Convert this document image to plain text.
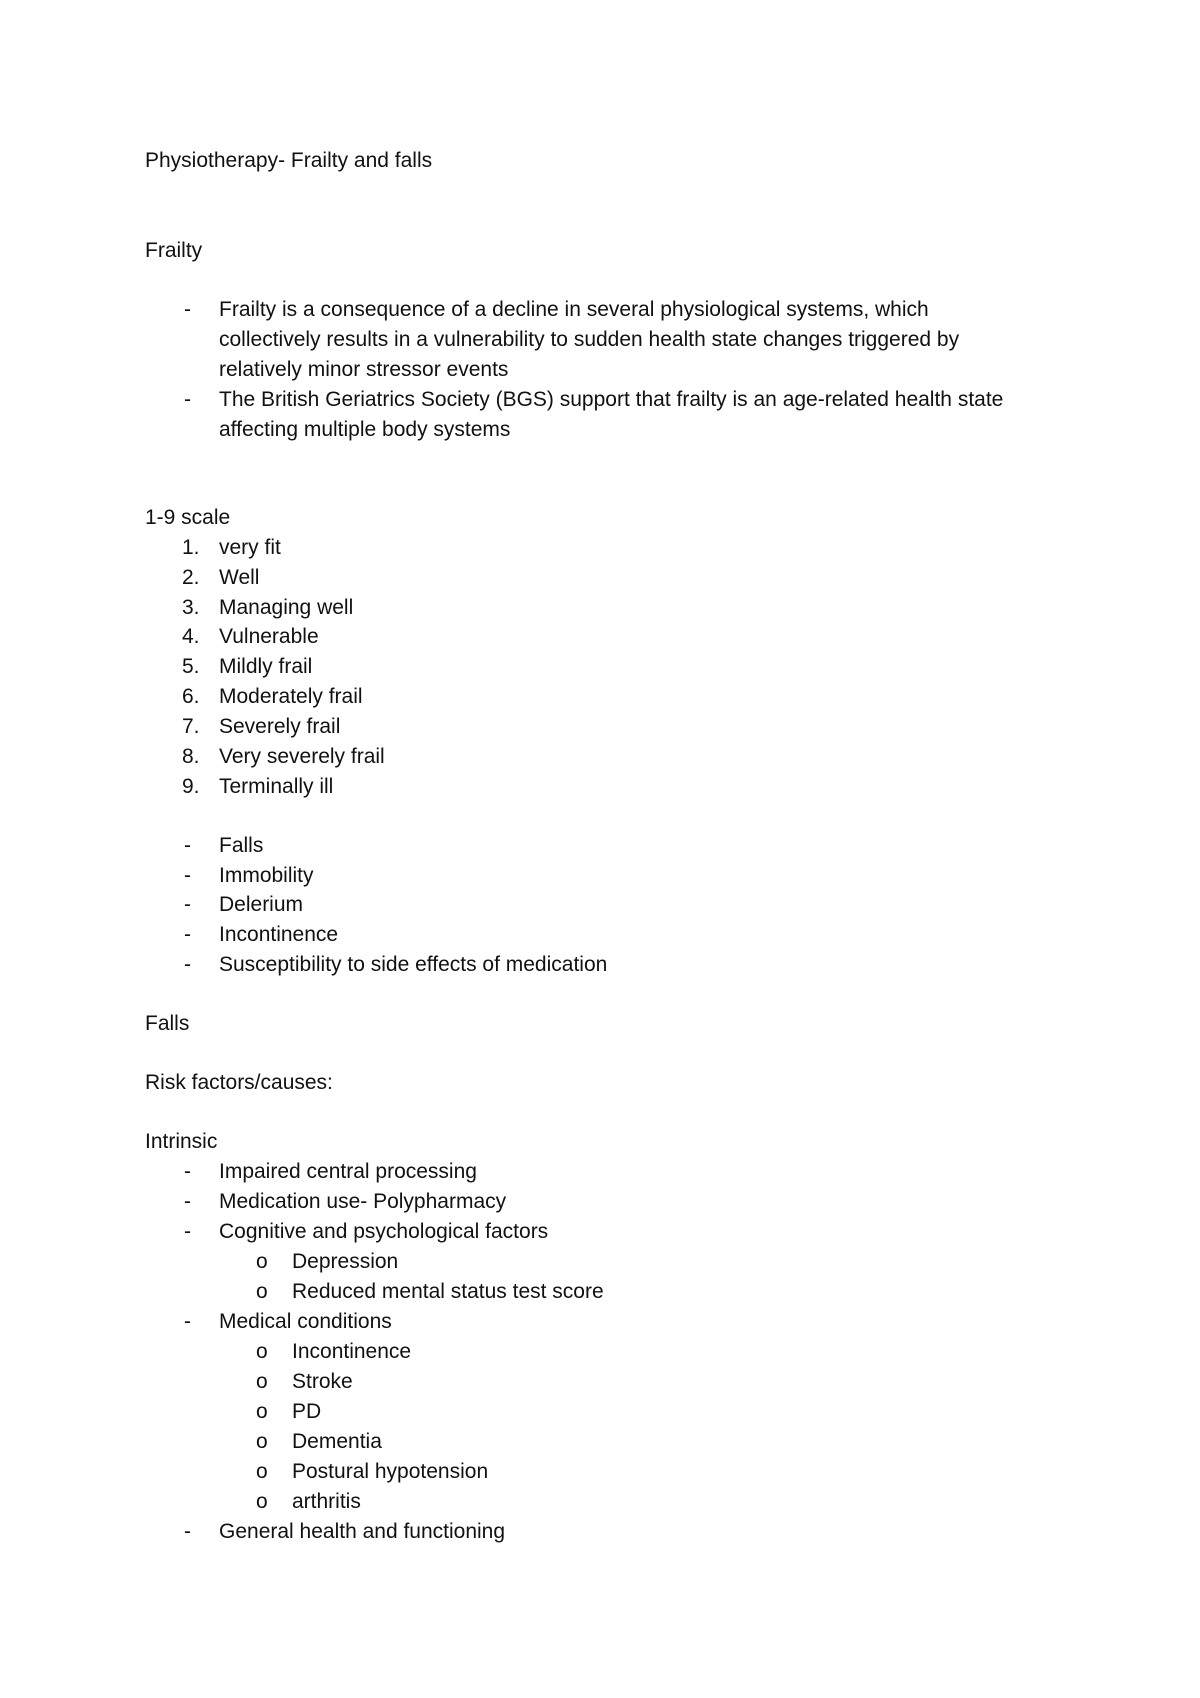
Physiotherapy- Frailty and falls
Frailty
- Frailty is a consequence of a decline in several physiological systems, which
collectively results in a vulnerability to sudden health state changes triggered by
relatively minor stressor events
- The British Geriatrics Society (BGS) support that frailty is an age-related health state
affecting multiple body systems
1-9 scale
1. very fit
2. Well
3. Managing well
4. Vulnerable
5. Mildly frail
6. Moderately frail
7. Severely frail
8. Very severely frail
9. Terminally ill
- Falls
- Immobility
- Delerium
- Incontinence
- Susceptibility to side effects of medication
Falls
Risk factors/causes:
Intrinsic
- Impaired central processing
- Medication use- Polypharmacy
- Cognitive and psychological factors
o Depression
o Reduced mental status test score
- Medical conditions
o Incontinence
o Stroke
o PD
o Dementia
o Postural hypotension
o arthritis
- General health and functioning
